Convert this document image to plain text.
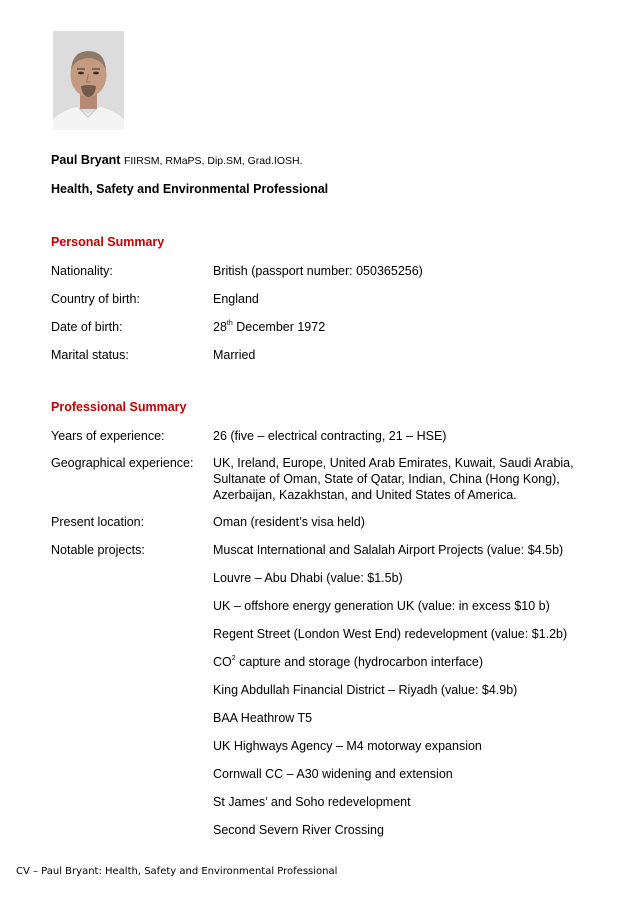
Paul Bryant FIIRSM, RMaPS, Dip.SM, Grad.IOSH.
Health, Safety and Environmental Professional
Personal Summary
Nationality:	British (passport number: 050365256)
Country of birth:	England
Date of birth:	28th December 1972
Marital status:	Married
Professional Summary
Years of experience:	26 (five – electrical contracting, 21 – HSE)
Geographical experience:	UK, Ireland, Europe, United Arab Emirates, Kuwait, Saudi Arabia,
Sultanate of Oman, State of Qatar, Indian, China (Hong Kong),
Azerbaijan, Kazakhstan, and United States of America.
Present location:	Oman (resident’s visa held)
Notable projects:	Muscat International and Salalah Airport Projects (value: $4.5b)
Louvre – Abu Dhabi (value: $1.5b)
UK – offshore energy generation UK (value: in excess $10 b)
Regent Street (London West End) redevelopment (value: $1.2b)
$CO^2$ capture and storage (hydrocarbon interface)
King Abdullah Financial District – Riyadh (value: $4.9b)
BAA Heathrow T5
UK Highways Agency – M4 motorway expansion
Cornwall CC – A30 widening and extension
St James’ and Soho redevelopment
Second Severn River Crossing
CV – Paul Bryant: Health, Safety and Environmental Professional
